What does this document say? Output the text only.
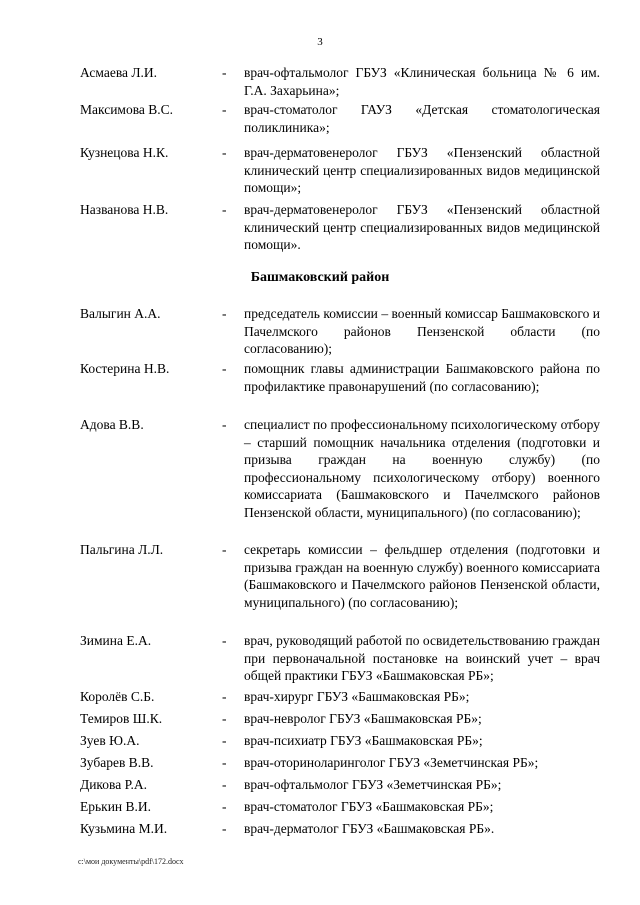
3
Асмаева Л.И.	- врач-офтальмолог ГБУЗ «Клиническая больница № 6 им. Г.А. Захарьина»;
Максимова В.С.	- врач-стоматолог ГАУЗ «Детская стоматологическая поликлиника»;
Кузнецова Н.К.	- врач-дерматовенеролог ГБУЗ «Пензенский областной клинический центр специализированных видов медицинской помощи»;
Названова Н.В.	- врач-дерматовенеролог ГБУЗ «Пензенский областной клинический центр специализированных видов медицинской помощи».
Башмаковский район
Валыгин А.А.	- председатель комиссии – военный комиссар Башмаковского и Пачелмского районов Пензенской области (по согласованию);
Костерина Н.В.	- помощник главы администрации Башмаковского района по профилактике правонарушений (по согласованию);
Адова В.В.	- специалист по профессиональному психологическому отбору – старший помощник начальника отделения (подготовки и призыва граждан на военную службу) (по профессиональному психологическому отбору) военного комиссариата (Башмаковского и Пачелмского районов Пензенской области, муниципального) (по согласованию);
Пальгина Л.Л.	- секретарь комиссии – фельдшер отделения (подготовки и призыва граждан на военную службу) военного комиссариата (Башмаковского и Пачелмского районов Пензенской области, муниципального) (по согласованию);
Зимина Е.А.	- врач, руководящий работой по освидетельствованию граждан при первоначальной постановке на воинский учет – врач общей практики ГБУЗ «Башмаковская РБ»;
Королёв С.Б.	- врач-хирург ГБУЗ «Башмаковская РБ»;
Темиров Ш.К.	- врач-невролог ГБУЗ «Башмаковская РБ»;
Зуев Ю.А.	- врач-психиатр ГБУЗ «Башмаковская РБ»;
Зубарев В.В.	- врач-оториноларинголог ГБУЗ «Земетчинская РБ»;
Дикова Р.А.	- врач-офтальмолог ГБУЗ «Земетчинская РБ»;
Ерькин В.И.	- врач-стоматолог ГБУЗ «Башмаковская РБ»;
Кузьмина М.И.	- врач-дерматолог ГБУЗ «Башмаковская РБ».
c:\мои документы\pdf\172.docx
